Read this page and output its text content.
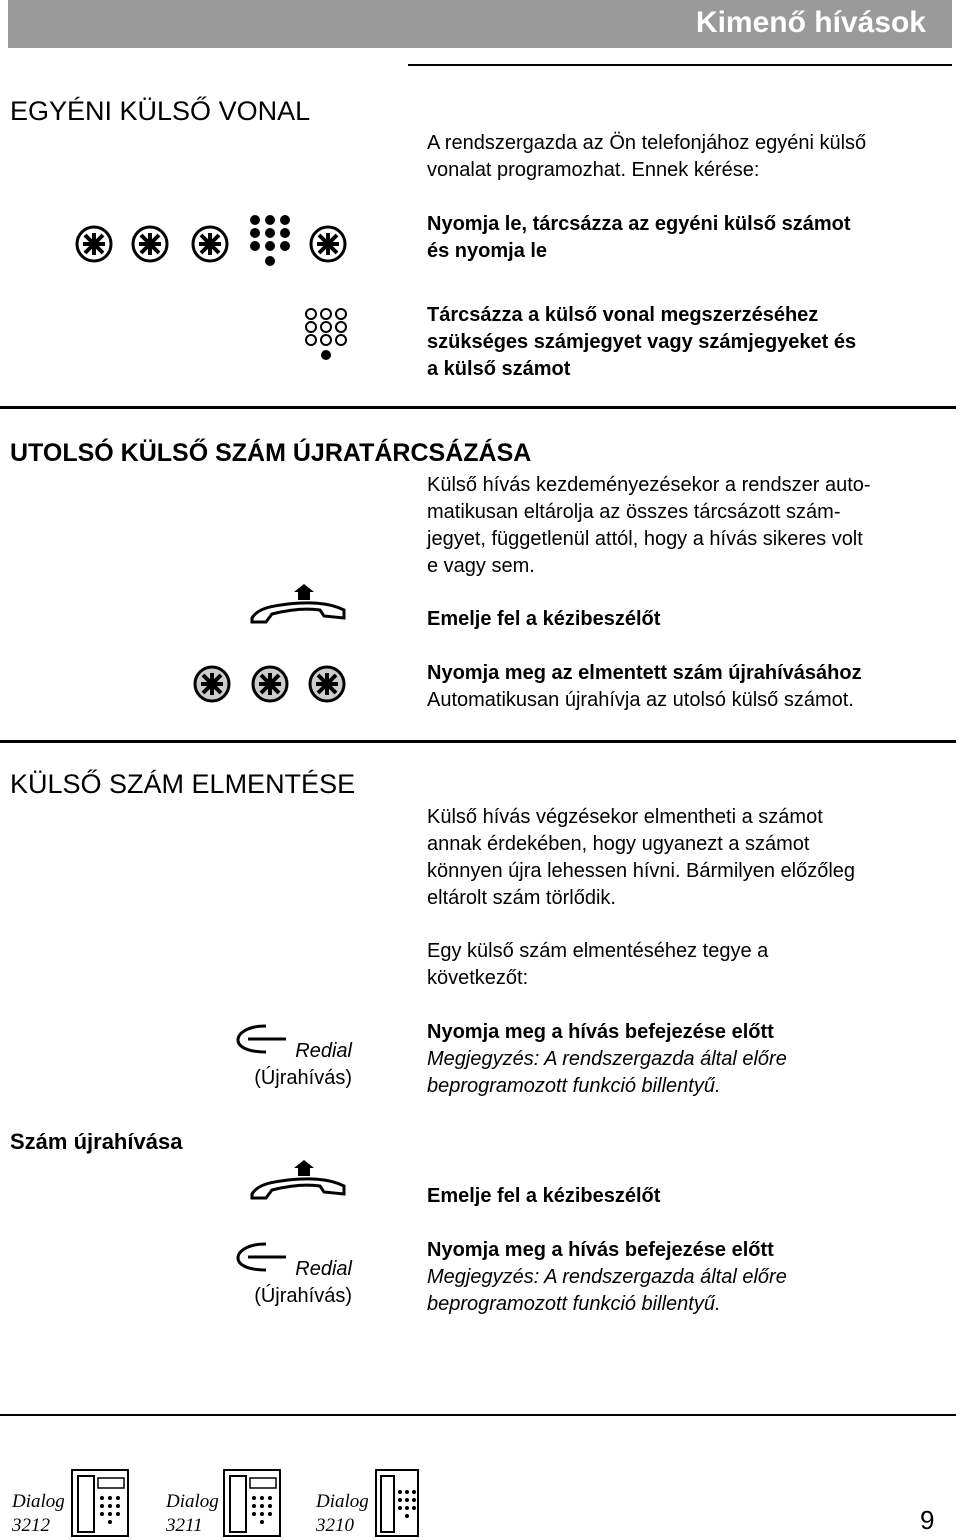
Kimenő hívások
EGYÉNI KÜLSŐ VONAL
A rendszergazda az Ön telefonjához egyéni külső
vonalat programozhat. Ennek kérése:
Nyomja le, tárcsázza az egyéni külső számot
és nyomja le
Tárcsázza a külső vonal megszerzéséhez
szükséges számjegyet vagy számjegyeket és
a külső számot
UTOLSÓ KÜLSŐ SZÁM ÚJRATÁRCSÁZÁSA
Külső hívás kezdeményezésekor a rendszer auto-
matikusan eltárolja az összes tárcsázott szám-
jegyet, függetlenül attól, hogy a hívás sikeres volt
e vagy sem.
Emelje fel a kézibeszélőt
Nyomja meg az elmentett szám újrahívásához
Automatikusan újrahívja az utolsó külső számot.
KÜLSŐ SZÁM ELMENTÉSE
Külső hívás végzésekor elmentheti a számot
annak érdekében, hogy ugyanezt a számot
könnyen újra lehessen hívni. Bármilyen előzőleg
eltárolt szám törlődik.
Egy külső szám elmentéséhez tegye a
következőt:
Redial
(Újrahívás)
Nyomja meg a hívás befejezése előtt
Megjegyzés: A rendszergazda által előre
beprogramozott funkció billentyű.
Szám újrahívása
Emelje fel a kézibeszélőt
Redial
(Újrahívás)
Nyomja meg a hívás befejezése előtt
Megjegyzés: A rendszergazda által előre
beprogramozott funkció billentyű.
Dialog
3212
Dialog
3211
Dialog
3210	9
